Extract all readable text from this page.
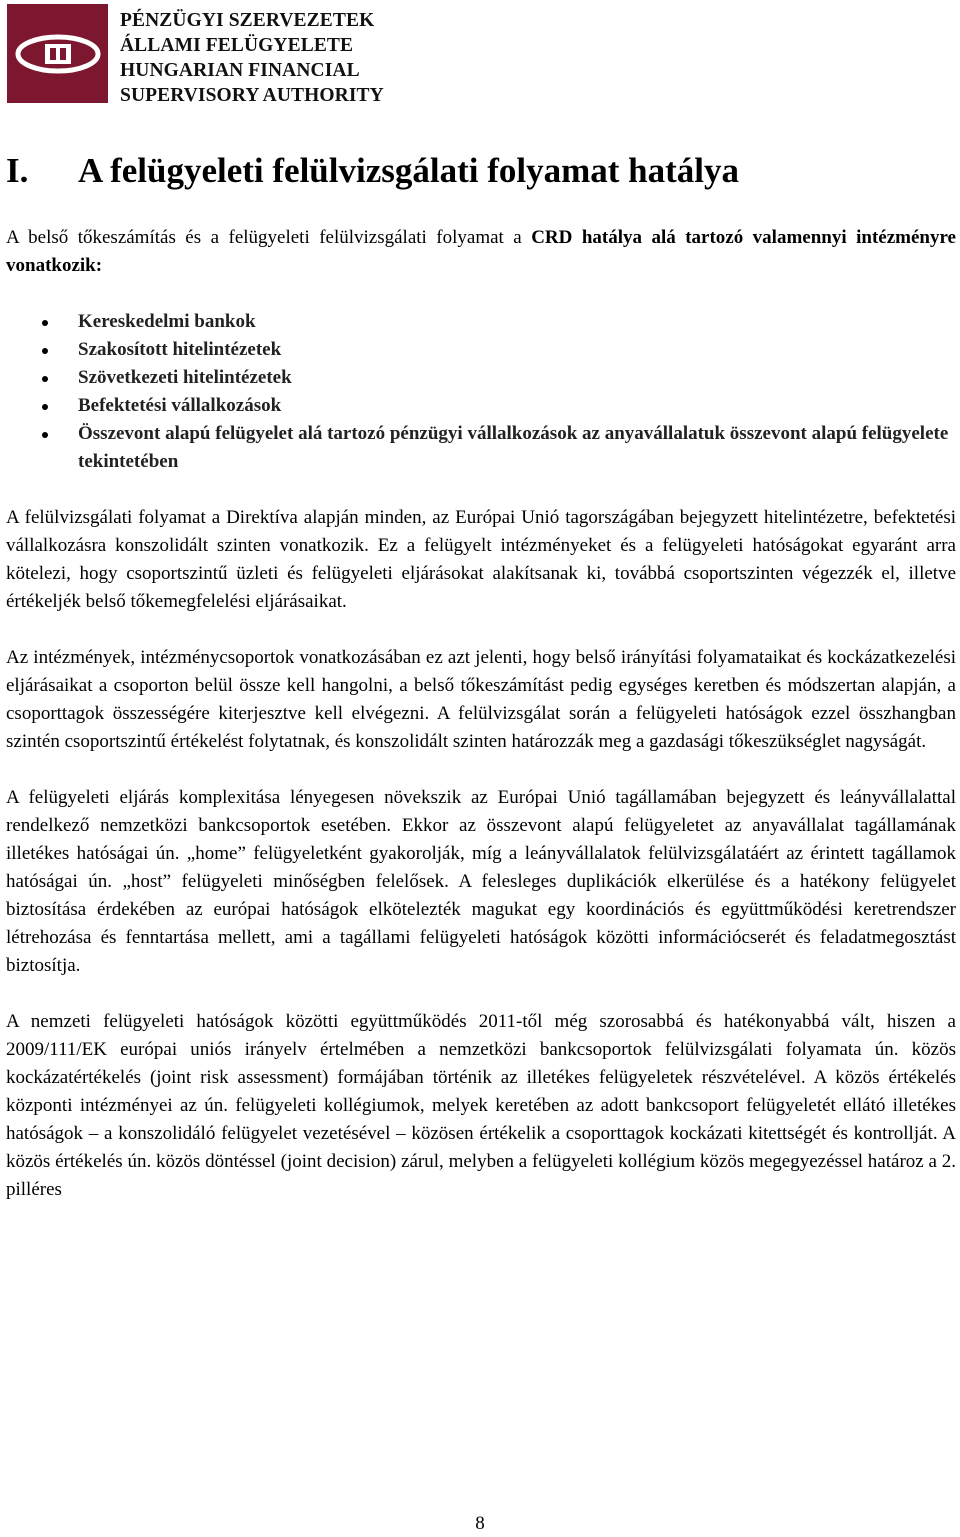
PÉNZÜGYI SZERVEZETEK
ÁLLAMI FELÜGYELETE
HUNGARIAN FINANCIAL
SUPERVISORY AUTHORITY
I. A felügyeleti felülvizsgálati folyamat hatálya

A belső tőkeszámítás és a felügyeleti felülvizsgálati folyamat a CRD hatálya alá tartozó valamennyi intézményre vonatkozik:

Kereskedelmi bankok
Szakosított hitelintézetek
Szövetkezeti hitelintézetek
Befektetési vállalkozások
Összevont alapú felügyelet alá tartozó pénzügyi vállalkozások az anyavállalatuk összevont alapú felügyelete tekintetében

A felülvizsgálati folyamat a Direktíva alapján minden, az Európai Unió tagországában bejegyzett hitelintézetre, befektetési vállalkozásra konszolidált szinten vonatkozik. Ez a felügyelt intézményeket és a felügyeleti hatóságokat egyaránt arra kötelezi, hogy csoportszintű üzleti és felügyeleti eljárásokat alakítsanak ki, továbbá csoportszinten végezzék el, illetve értékeljék belső tőkemegfelelési eljárásaikat.

Az intézmények, intézménycsoportok vonatkozásában ez azt jelenti, hogy belső irányítási folyamataikat és kockázatkezelési eljárásaikat a csoporton belül össze kell hangolni, a belső tőkeszámítást pedig egységes keretben és módszertan alapján, a csoporttagok összességére kiterjesztve kell elvégezni. A felülvizsgálat során a felügyeleti hatóságok ezzel összhangban szintén csoportszintű értékelést folytatnak, és konszolidált szinten határozzák meg a gazdasági tőkeszükséglet nagyságát.

A felügyeleti eljárás komplexitása lényegesen növekszik az Európai Unió tagállamában bejegyzett és leányvállalattal rendelkező nemzetközi bankcsoportok esetében. Ekkor az összevont alapú felügyeletet az anyavállalat tagállamának illetékes hatóságai ún. „home” felügyeletként gyakorolják, míg a leányvállalatok felülvizsgálatáért az érintett tagállamok hatóságai ún. „host” felügyeleti minőségben felelősek. A felesleges duplikációk elkerülése és a hatékony felügyelet biztosítása érdekében az európai hatóságok elkötelezték magukat egy koordinációs és együttműködési keretrendszer létrehozása és fenntartása mellett, ami a tagállami felügyeleti hatóságok közötti információcserét és feladatmegosztást biztosítja.

A nemzeti felügyeleti hatóságok közötti együttműködés 2011-től még szorosabbá és hatékonyabbá vált, hiszen a 2009/111/EK európai uniós irányelv értelmében a nemzetközi bankcsoportok felülvizsgálati folyamata ún. közös kockázatértékelés (joint risk assessment) formájában történik az illetékes felügyeletek részvételével. A közös értékelés központi intézményei az ún. felügyeleti kollégiumok, melyek keretében az adott bankcsoport felügyeletét ellátó illetékes hatóságok – a konszolidáló felügyelet vezetésével – közösen értékelik a csoporttagok kockázati kitettségét és kontrollját. A közös értékelés ún. közös döntéssel (joint decision) zárul, melyben a felügyeleti kollégium közös megegyezéssel határoz a 2. pilléres

8
